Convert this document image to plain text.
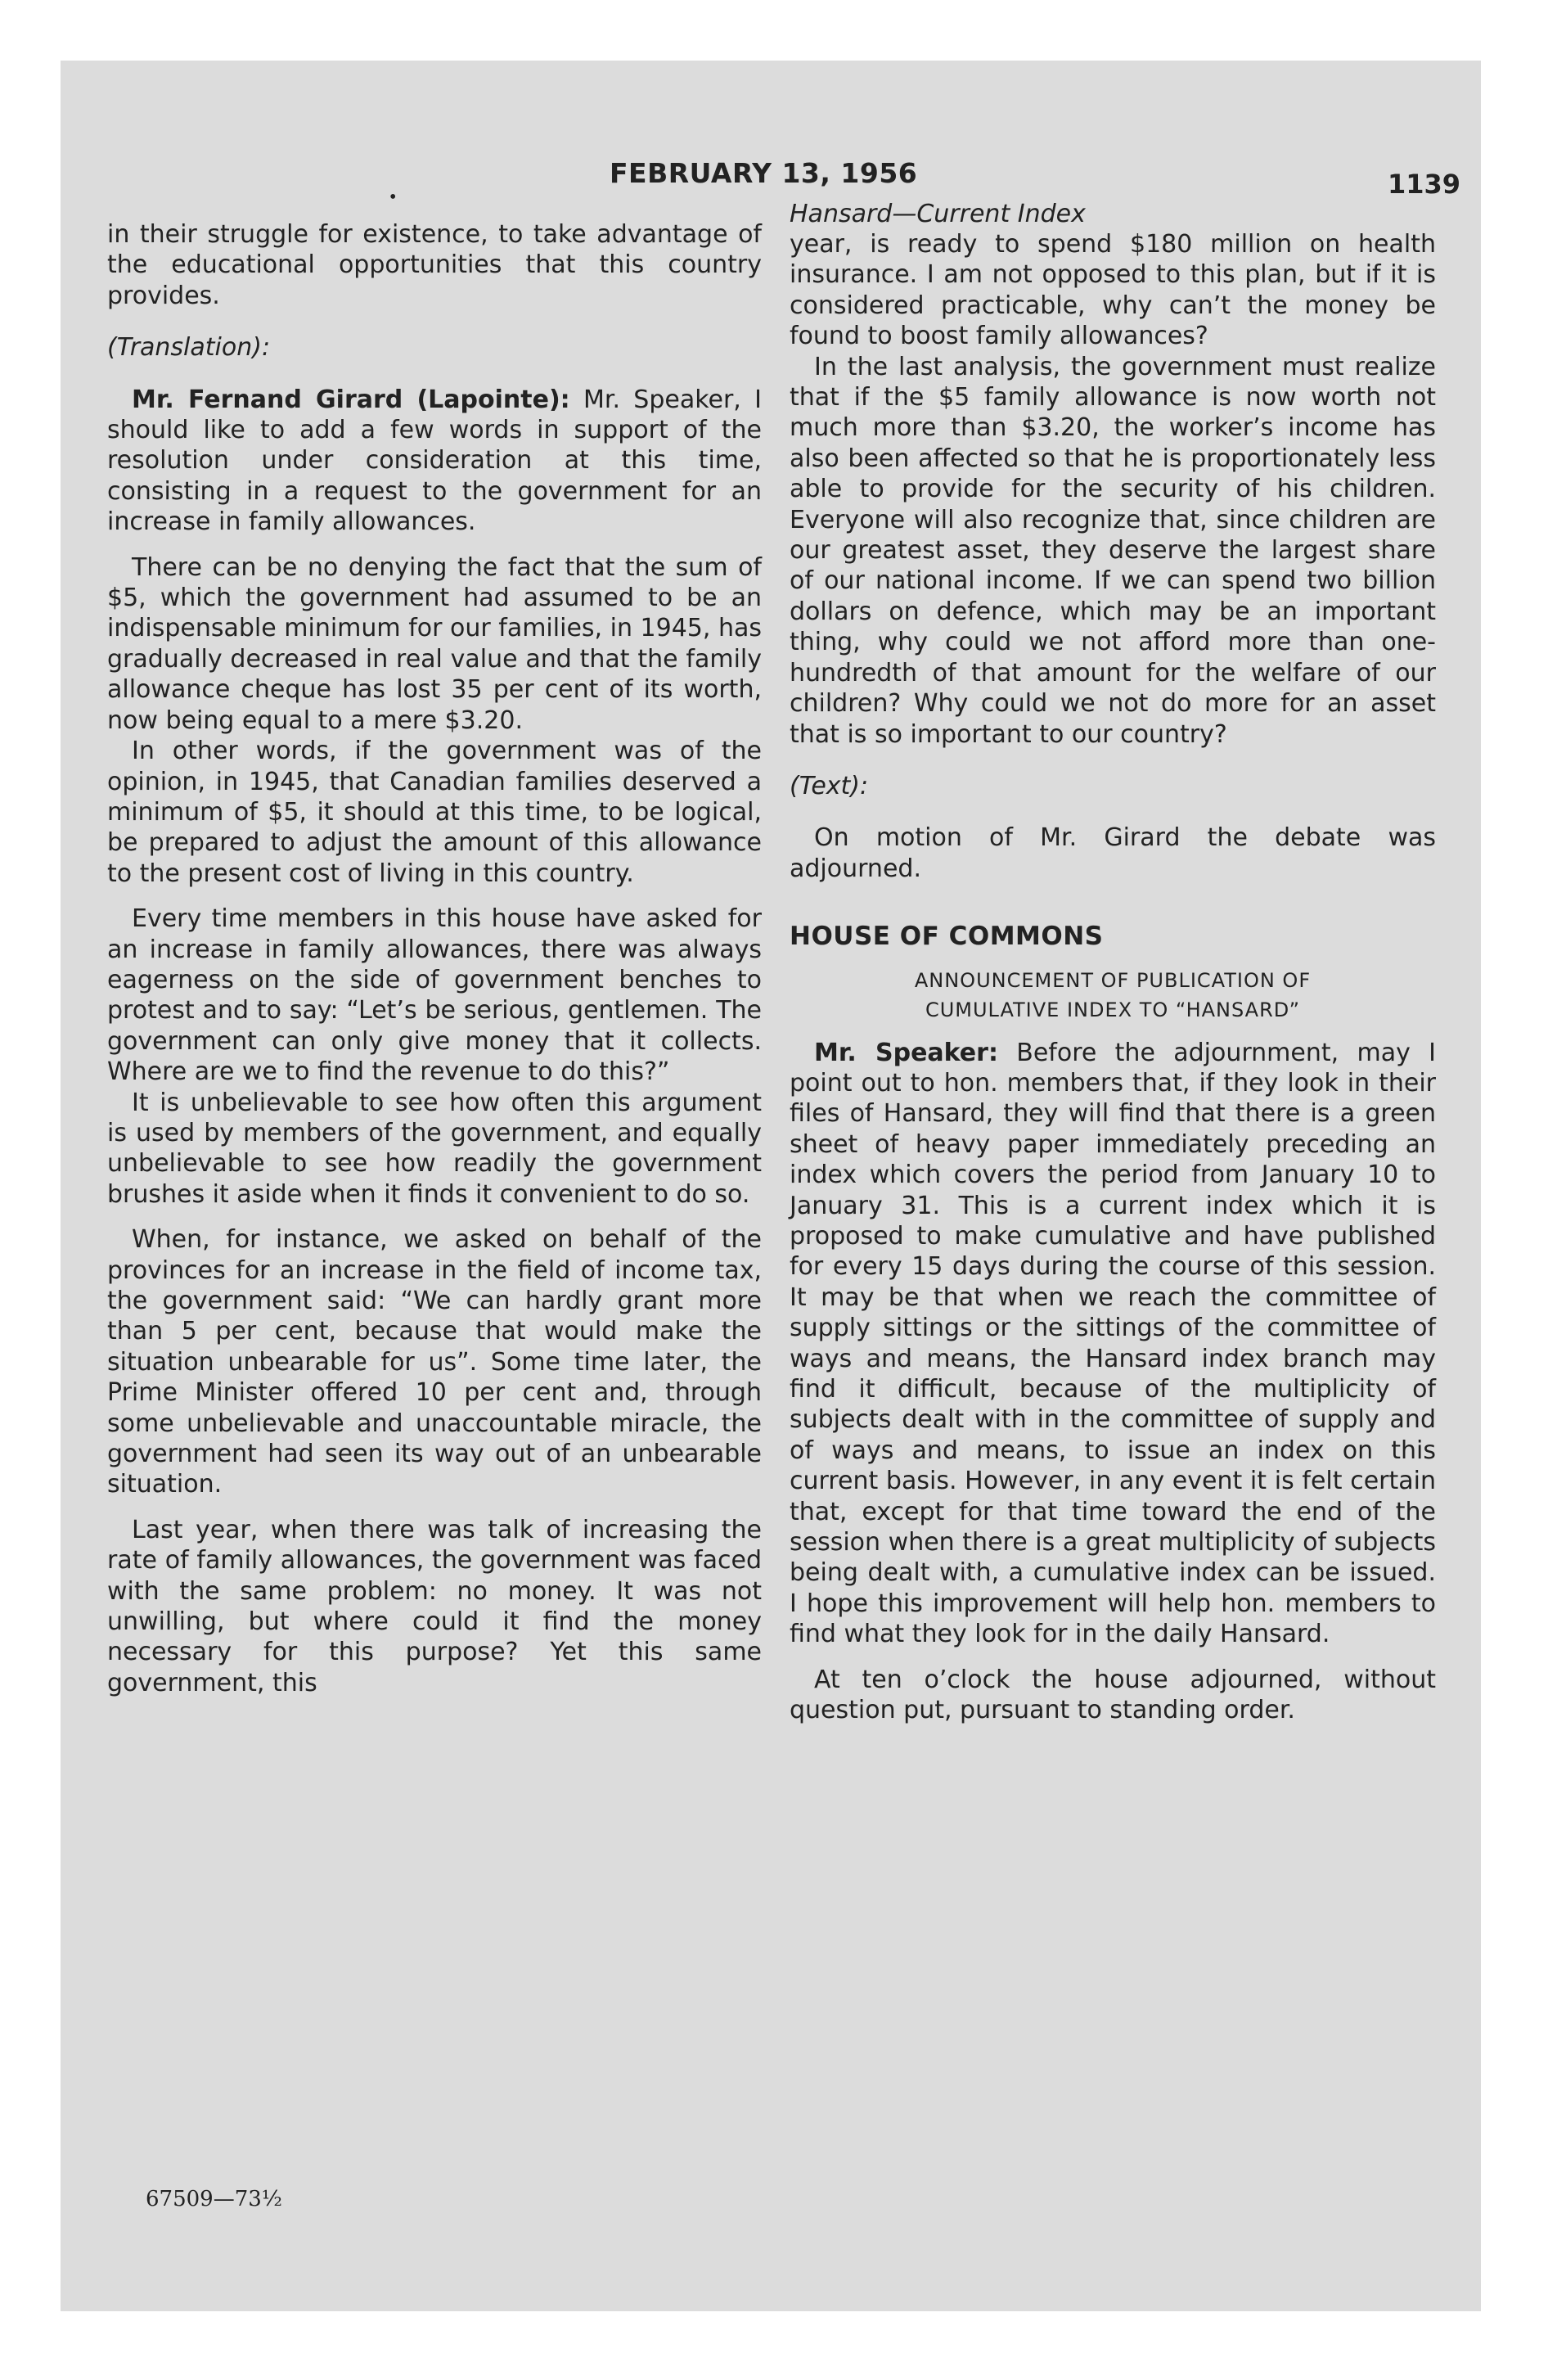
FEBRUARY 13, 1956	1139
•

in their struggle for existence, to take advantage of the educational opportunities that this country provides.

(Translation):

Mr. Fernand Girard (Lapointe): Mr. Speaker, I should like to add a few words in support of the resolution under consideration at this time, consisting in a request to the government for an increase in family allowances.

There can be no denying the fact that the sum of $5, which the government had assumed to be an indispensable minimum for our families, in 1945, has gradually decreased in real value and that the family allowance cheque has lost 35 per cent of its worth, now being equal to a mere $3.20.

In other words, if the government was of the opinion, in 1945, that Canadian families deserved a minimum of $5, it should at this time, to be logical, be prepared to adjust the amount of this allowance to the present cost of living in this country.

Every time members in this house have asked for an increase in family allowances, there was always eagerness on the side of government benches to protest and to say: “Let’s be serious, gentlemen. The government can only give money that it collects. Where are we to find the revenue to do this?”

It is unbelievable to see how often this argument is used by members of the government, and equally unbelievable to see how readily the government brushes it aside when it finds it convenient to do so.

When, for instance, we asked on behalf of the provinces for an increase in the field of income tax, the government said: “We can hardly grant more than 5 per cent, because that would make the situation unbearable for us”. Some time later, the Prime Minister offered 10 per cent and, through some unbelievable and unaccountable miracle, the government had seen its way out of an unbearable situation.

Last year, when there was talk of increasing the rate of family allowances, the government was faced with the same problem: no money. It was not unwilling, but where could it find the money necessary for this purpose? Yet this same government, this

Hansard—Current Index

year, is ready to spend $180 million on health insurance. I am not opposed to this plan, but if it is considered practicable, why can’t the money be found to boost family allowances?

In the last analysis, the government must realize that if the $5 family allowance is now worth not much more than $3.20, the worker’s income has also been affected so that he is proportionately less able to provide for the security of his children. Everyone will also recognize that, since children are our greatest asset, they deserve the largest share of our national income. If we can spend two billion dollars on defence, which may be an important thing, why could we not afford more than one-hundredth of that amount for the welfare of our children? Why could we not do more for an asset that is so important to our country?

(Text):

On motion of Mr. Girard the debate was adjourned.

HOUSE OF COMMONS

ANNOUNCEMENT OF PUBLICATION OF
CUMULATIVE INDEX TO “HANSARD”

Mr. Speaker: Before the adjournment, may I point out to hon. members that, if they look in their files of Hansard, they will find that there is a green sheet of heavy paper immediately preceding an index which covers the period from January 10 to January 31. This is a current index which it is proposed to make cumulative and have published for every 15 days during the course of this session. It may be that when we reach the committee of supply sittings or the sittings of the committee of ways and means, the Hansard index branch may find it difficult, because of the multiplicity of subjects dealt with in the committee of supply and of ways and means, to issue an index on this current basis. However, in any event it is felt certain that, except for that time toward the end of the session when there is a great multiplicity of subjects being dealt with, a cumulative index can be issued. I hope this improvement will help hon. members to find what they look for in the daily Hansard.

At ten o’clock the house adjourned, without question put, pursuant to standing order.

67509—73½
